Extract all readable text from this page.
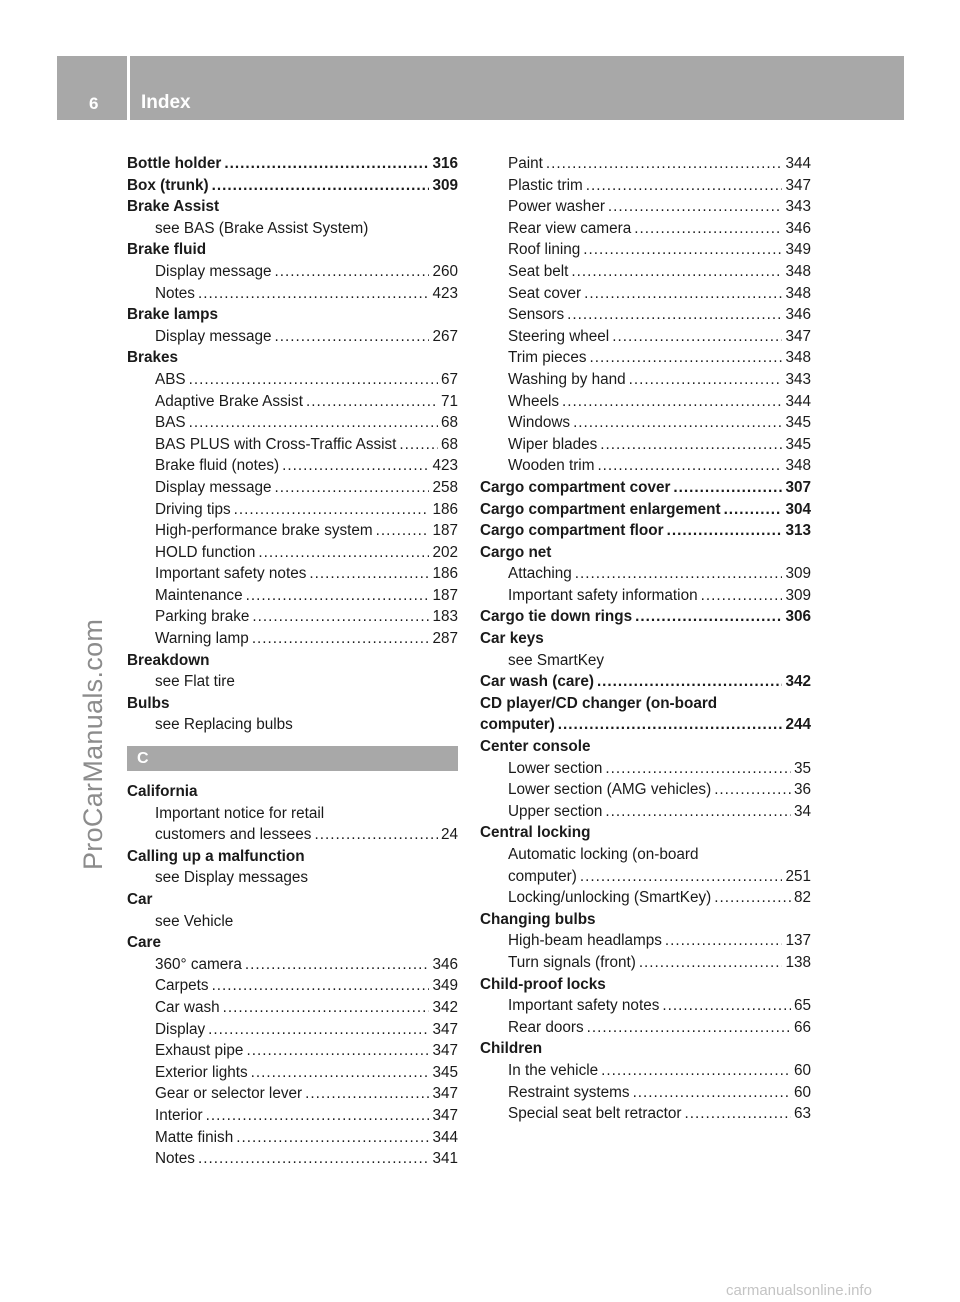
6 Index
ProCarManuals.com
Bottle holder .....	316
Box (trunk) .....	309
Brake Assist
see BAS (Brake Assist System)
Brake fluid
Display message .....	260
Notes .....	423
Brake lamps
Display message .....	267
Brakes
ABS .....	67
Adaptive Brake Assist .....	71
BAS .....	68
BAS PLUS with Cross-Traffic Assist .....	68
Brake fluid (notes) .....	423
Display message .....	258
Driving tips .....	186
High-performance brake system .....	187
HOLD function .....	202
Important safety notes .....	186
Maintenance .....	187
Parking brake .....	183
Warning lamp .....	287
Breakdown
see Flat tire
Bulbs
see Replacing bulbs
C
California
Important notice for retail
customers and lessees .....	24
Calling up a malfunction
see Display messages
Car
see Vehicle
Care
360° camera .....	346
Carpets .....	349
Car wash .....	342
Display .....	347
Exhaust pipe .....	347
Exterior lights .....	345
Gear or selector lever .....	347
Interior .....	347
Matte finish .....	344
Notes .....	341
Paint .....	344
Plastic trim .....	347
Power washer .....	343
Rear view camera .....	346
Roof lining .....	349
Seat belt .....	348
Seat cover .....	348
Sensors .....	346
Steering wheel .....	347
Trim pieces .....	348
Washing by hand .....	343
Wheels .....	344
Windows .....	345
Wiper blades .....	345
Wooden trim .....	348
Cargo compartment cover .....	307
Cargo compartment enlargement .....	304
Cargo compartment floor .....	313
Cargo net
Attaching .....	309
Important safety information .....	309
Cargo tie down rings .....	306
Car keys
see SmartKey
Car wash (care) .....	342
CD player/CD changer (on-board
computer) .....	244
Center console
Lower section .....	35
Lower section (AMG vehicles) .....	36
Upper section .....	34
Central locking
Automatic locking (on-board
computer) .....	251
Locking/unlocking (SmartKey) .....	82
Changing bulbs
High-beam headlamps .....	137
Turn signals (front) .....	138
Child-proof locks
Important safety notes .....	65
Rear doors .....	66
Children
In the vehicle .....	60
Restraint systems .....	60
Special seat belt retractor .....	63
carmanualsonline.info
